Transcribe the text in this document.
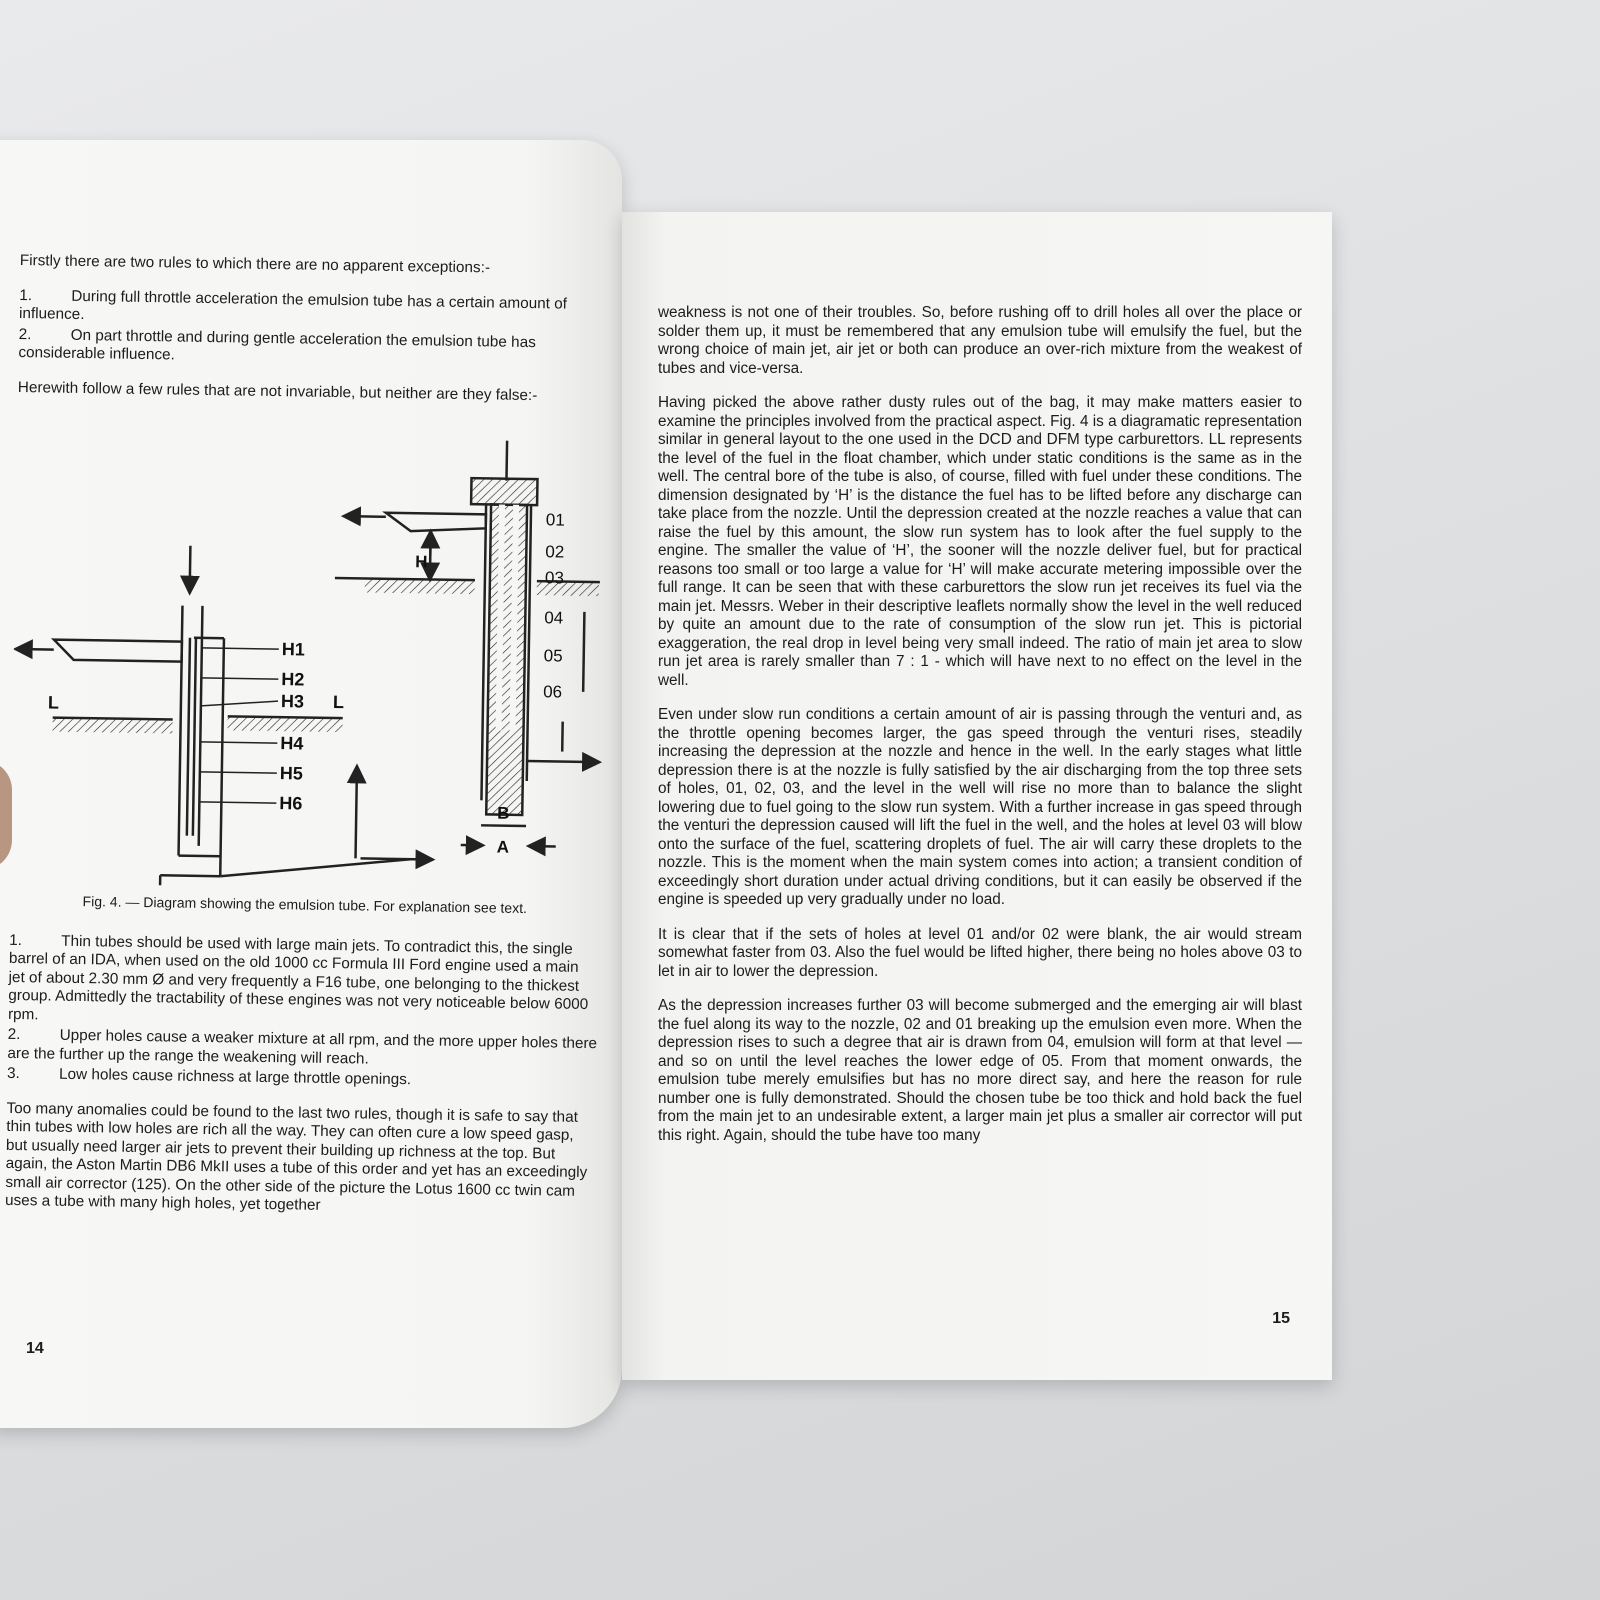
Firstly there are two rules to which there are no apparent exceptions:-

1.	During full throttle acceleration the emulsion tube has a certain amount of influence.

2.	On part throttle and during gentle acceleration the emulsion tube has considerable influence.

Herewith follow a few rules that are not invariable, but neither are they false:-

L	L
H1
H2
H3
H4
H5
H6
H
01
02
03
04
05
06
B
A

Fig. 4. — Diagram showing the emulsion tube. For explanation see text.

1.	Thin tubes should be used with large main jets. To contradict this, the single barrel of an IDA, when used on the old 1000 cc Formula III Ford engine used a main jet of about 2.30 mm Ø and very frequently a F16 tube, one belonging to the thickest group. Admittedly the tractability of these engines was not very noticeable below 6000 rpm.

2.	Upper holes cause a weaker mixture at all rpm, and the more upper holes there are the further up the range the weakening will reach.

3.	Low holes cause richness at large throttle openings.

Too many anomalies could be found to the last two rules, though it is safe to say that thin tubes with low holes are rich all the way. They can often cure a low speed gasp, but usually need larger air jets to prevent their building up richness at the top. But again, the Aston Martin DB6 MkII uses a tube of this order and yet has an exceedingly small air corrector (125). On the other side of the picture the Lotus 1600 cc twin cam uses a tube with many high holes, yet together

14

weakness is not one of their troubles. So, before rushing off to drill holes all over the place or solder them up, it must be remembered that any emulsion tube will emulsify the fuel, but the wrong choice of main jet, air jet or both can produce an over-rich mixture from the weakest of tubes and vice-versa.

Having picked the above rather dusty rules out of the bag, it may make matters easier to examine the principles involved from the practical aspect. Fig. 4 is a diagramatic representation similar in general layout to the one used in the DCD and DFM type carburettors. LL represents the level of the fuel in the float chamber, which under static conditions is the same as in the well. The central bore of the tube is also, of course, filled with fuel under these conditions. The dimension designated by ‘H’ is the distance the fuel has to be lifted before any discharge can take place from the nozzle. Until the depression created at the nozzle reaches a value that can raise the fuel by this amount, the slow run system has to look after the fuel supply to the engine. The smaller the value of ‘H’, the sooner will the nozzle deliver fuel, but for practical reasons too small or too large a value for ‘H’ will make accurate metering impossible over the full range. It can be seen that with these carburettors the slow run jet receives its fuel via the main jet. Messrs. Weber in their descriptive leaflets normally show the level in the well reduced by quite an amount due to the rate of consumption of the slow run jet. This is pictorial exaggeration, the real drop in level being very small indeed. The ratio of main jet area to slow run jet area is rarely smaller than 7 : 1 - which will have next to no effect on the level in the well.

Even under slow run conditions a certain amount of air is passing through the venturi and, as the throttle opening becomes larger, the gas speed through the venturi rises, steadily increasing the depression at the nozzle and hence in the well. In the early stages what little depression there is at the nozzle is fully satisfied by the air discharging from the top three sets of holes, 01, 02, 03, and the level in the well will rise no more than to balance the slight lowering due to fuel going to the slow run system. With a further increase in gas speed through the venturi the depression caused will lift the fuel in the well, and the holes at level 03 will blow onto the surface of the fuel, scattering droplets of fuel. The air will carry these droplets to the nozzle. This is the moment when the main system comes into action; a transient condition of exceedingly short duration under actual driving conditions, but it can easily be observed if the engine is speeded up very gradually under no load.

It is clear that if the sets of holes at level 01 and/or 02 were blank, the air would stream somewhat faster from 03. Also the fuel would be lifted higher, there being no holes above 03 to let in air to lower the depression.

As the depression increases further 03 will become submerged and the emerging air will blast the fuel along its way to the nozzle, 02 and 01 breaking up the emulsion even more. When the depression rises to such a degree that air is drawn from 04, emulsion will form at that level — and so on until the level reaches the lower edge of 05. From that moment onwards, the emulsion tube merely emulsifies but has no more direct say, and here the reason for rule number one is fully demonstrated. Should the chosen tube be too thick and hold back the fuel from the main jet to an undesirable extent, a larger main jet plus a smaller air corrector will put this right. Again, should the tube have too many

15
